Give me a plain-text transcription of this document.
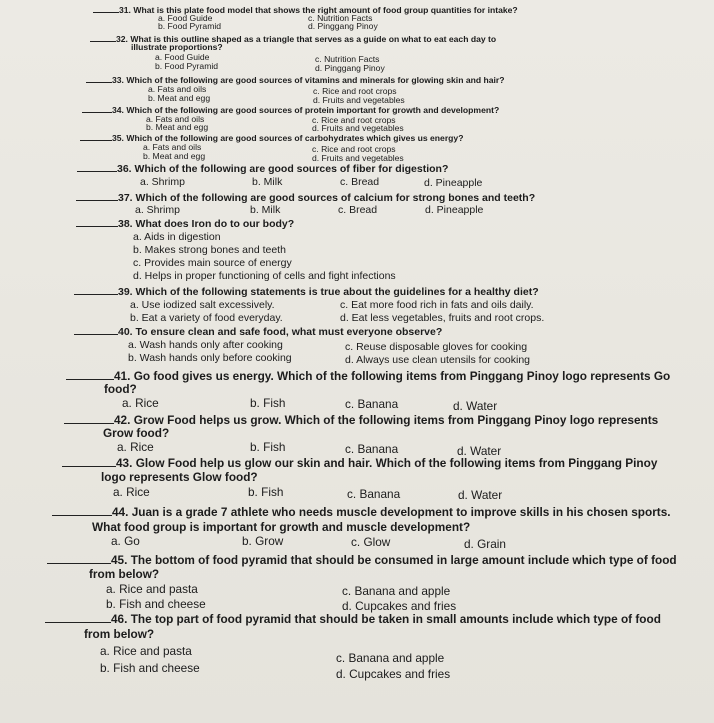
31. What is this plate food model that shows the right amount of food group quantities for intake?
a. Food Guide
b. Food Pyramid
c. Nutrition Facts
d. Pinggang Pinoy
32. What is this outline shaped as a triangle that serves as a guide on what to eat each day to
illustrate proportions?
a. Food Guide
b. Food Pyramid
c. Nutrition Facts
d. Pinggang Pinoy
33. Which of the following are good sources of vitamins and minerals for glowing skin and hair?
a. Fats and oils
b. Meat and egg
c. Rice and root crops
d. Fruits and vegetables
34. Which of the following are good sources of protein important for growth and development?
a. Fats and oils
b. Meat and egg
c. Rice and root crops
d. Fruits and vegetables
35. Which of the following are good sources of carbohydrates which gives us energy?
a. Fats and oils
b. Meat and egg
c. Rice and root crops
d. Fruits and vegetables
36. Which of the following are good sources of fiber for digestion?
a. Shrimp	b. Milk	c. Bread	d. Pineapple
37. Which of the following are good sources of calcium for strong bones and teeth?
a. Shrimp	b. Milk	c. Bread	d. Pineapple
38. What does Iron do to our body?
a. Aids in digestion
b. Makes strong bones and teeth
c. Provides main source of energy
d. Helps in proper functioning of cells and fight infections
39. Which of the following statements is true about the guidelines for a healthy diet?
a. Use iodized salt excessively.
b. Eat a variety of food everyday.
c. Eat more food rich in fats and oils daily.
d. Eat less vegetables, fruits and root crops.
40. To ensure clean and safe food, what must everyone observe?
a. Wash hands only after cooking
b. Wash hands only before cooking
c. Reuse disposable gloves for cooking
d. Always use clean utensils for cooking
41. Go food gives us energy. Which of the following items from Pinggang Pinoy logo represents Go
food?
a. Rice	b. Fish	c. Banana	d. Water
42. Grow Food helps us grow. Which of the following items from Pinggang Pinoy logo represents
Grow food?
a. Rice	b. Fish	c. Banana	d. Water
43. Glow Food help us glow our skin and hair. Which of the following items from Pinggang Pinoy
logo represents Glow food?
a. Rice	b. Fish	c. Banana	d. Water
44. Juan is a grade 7 athlete who needs muscle development to improve skills in his chosen sports.
What food group is important for growth and muscle development?
a. Go	b. Grow	c. Glow	d. Grain
45. The bottom of food pyramid that should be consumed in large amount include which type of food
from below?
a. Rice and pasta
b. Fish and cheese
c. Banana and apple
d. Cupcakes and fries
46. The top part of food pyramid that should be taken in small amounts include which type of food
from below?
a. Rice and pasta
b. Fish and cheese
c. Banana and apple
d. Cupcakes and fries
